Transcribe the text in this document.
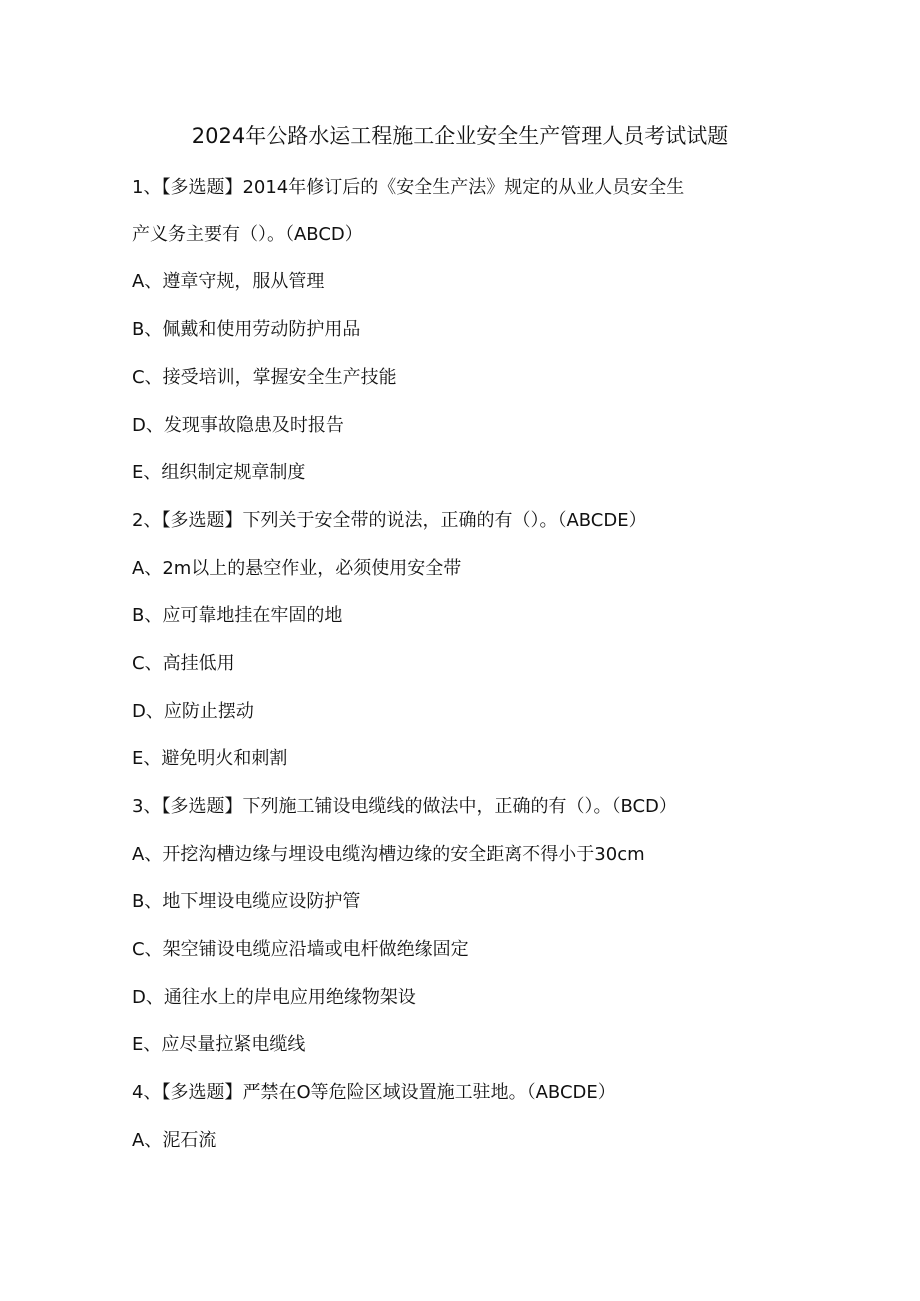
2024年公路水运工程施工企业安全生产管理人员考试试题
1、【多选题】2014年修订后的《安全生产法》规定的从业人员安全生
产义务主要有（）。（ABCD）
A、遵章守规，服从管理
B、佩戴和使用劳动防护用品
C、接受培训，掌握安全生产技能
D、发现事故隐患及时报告
E、组织制定规章制度
2、【多选题】下列关于安全带的说法，正确的有（）。（ABCDE）
A、2m以上的悬空作业，必须使用安全带
B、应可靠地挂在牢固的地
C、高挂低用
D、应防止摆动
E、避免明火和刺割
3、【多选题】下列施工铺设电缆线的做法中，正确的有（）。（BCD）
A、开挖沟槽边缘与埋设电缆沟槽边缘的安全距离不得小于30cm
B、地下埋设电缆应设防护管
C、架空铺设电缆应沿墙或电杆做绝缘固定
D、通往水上的岸电应用绝缘物架设
E、应尽量拉紧电缆线
4、【多选题】严禁在O等危险区域设置施工驻地。（ABCDE）
A、泥石流
